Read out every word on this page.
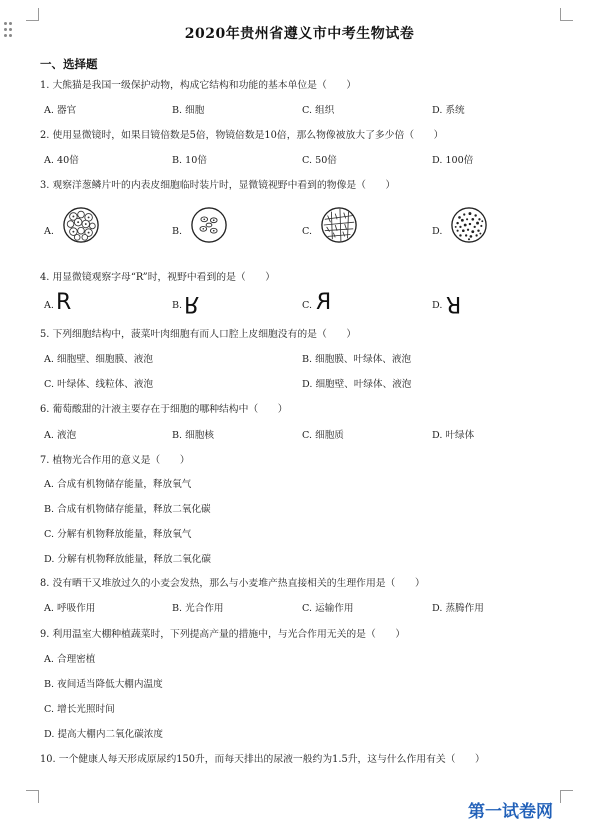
2020年贵州省遵义市中考生物试卷
一、选择题
1. 大熊猫是我国一级保护动物，构成它结构和功能的基本单位是（　　）
A. 器官	B. 细胞	C. 组织	D. 系统
2. 使用显微镜时，如果目镜倍数是5倍，物镜倍数是10倍，那么物像被放大了多少倍（　　）
A. 40倍	B. 10倍	C. 50倍	D. 100倍
3. 观察洋葱鳞片叶的内表皮细胞临时装片时，显微镜视野中看到的物像是（　　）
A.	B.	C.	D.
4. 用显微镜观察字母“R”时，视野中看到的是（　　）
A. R	B. R	C. R	D. R
5. 下列细胞结构中，菠菜叶肉细胞有而人口腔上皮细胞没有的是（　　）
A. 细胞壁、细胞膜、液泡	B. 细胞膜、叶绿体、液泡
C. 叶绿体、线粒体、液泡	D. 细胞壁、叶绿体、液泡
6. 葡萄酸甜的汁液主要存在于细胞的哪种结构中（　　）
A. 液泡	B. 细胞核	C. 细胞质	D. 叶绿体
7. 植物光合作用的意义是（　　）
A. 合成有机物储存能量，释放氧气
B. 合成有机物储存能量，释放二氧化碳
C. 分解有机物释放能量，释放氧气
D. 分解有机物释放能量，释放二氧化碳
8. 没有晒干又堆放过久的小麦会发热，那么与小麦堆产热直接相关的生理作用是（　　）
A. 呼吸作用	B. 光合作用	C. 运输作用	D. 蒸腾作用
9. 利用温室大棚种植蔬菜时，下列提高产量的措施中，与光合作用无关的是（　　）
A. 合理密植
B. 夜间适当降低大棚内温度
C. 增长光照时间
D. 提高大棚内二氧化碳浓度
10. 一个健康人每天形成原尿约150升，而每天排出的尿液一般约为1.5升，这与什么作用有关（　　）
第一试卷网
